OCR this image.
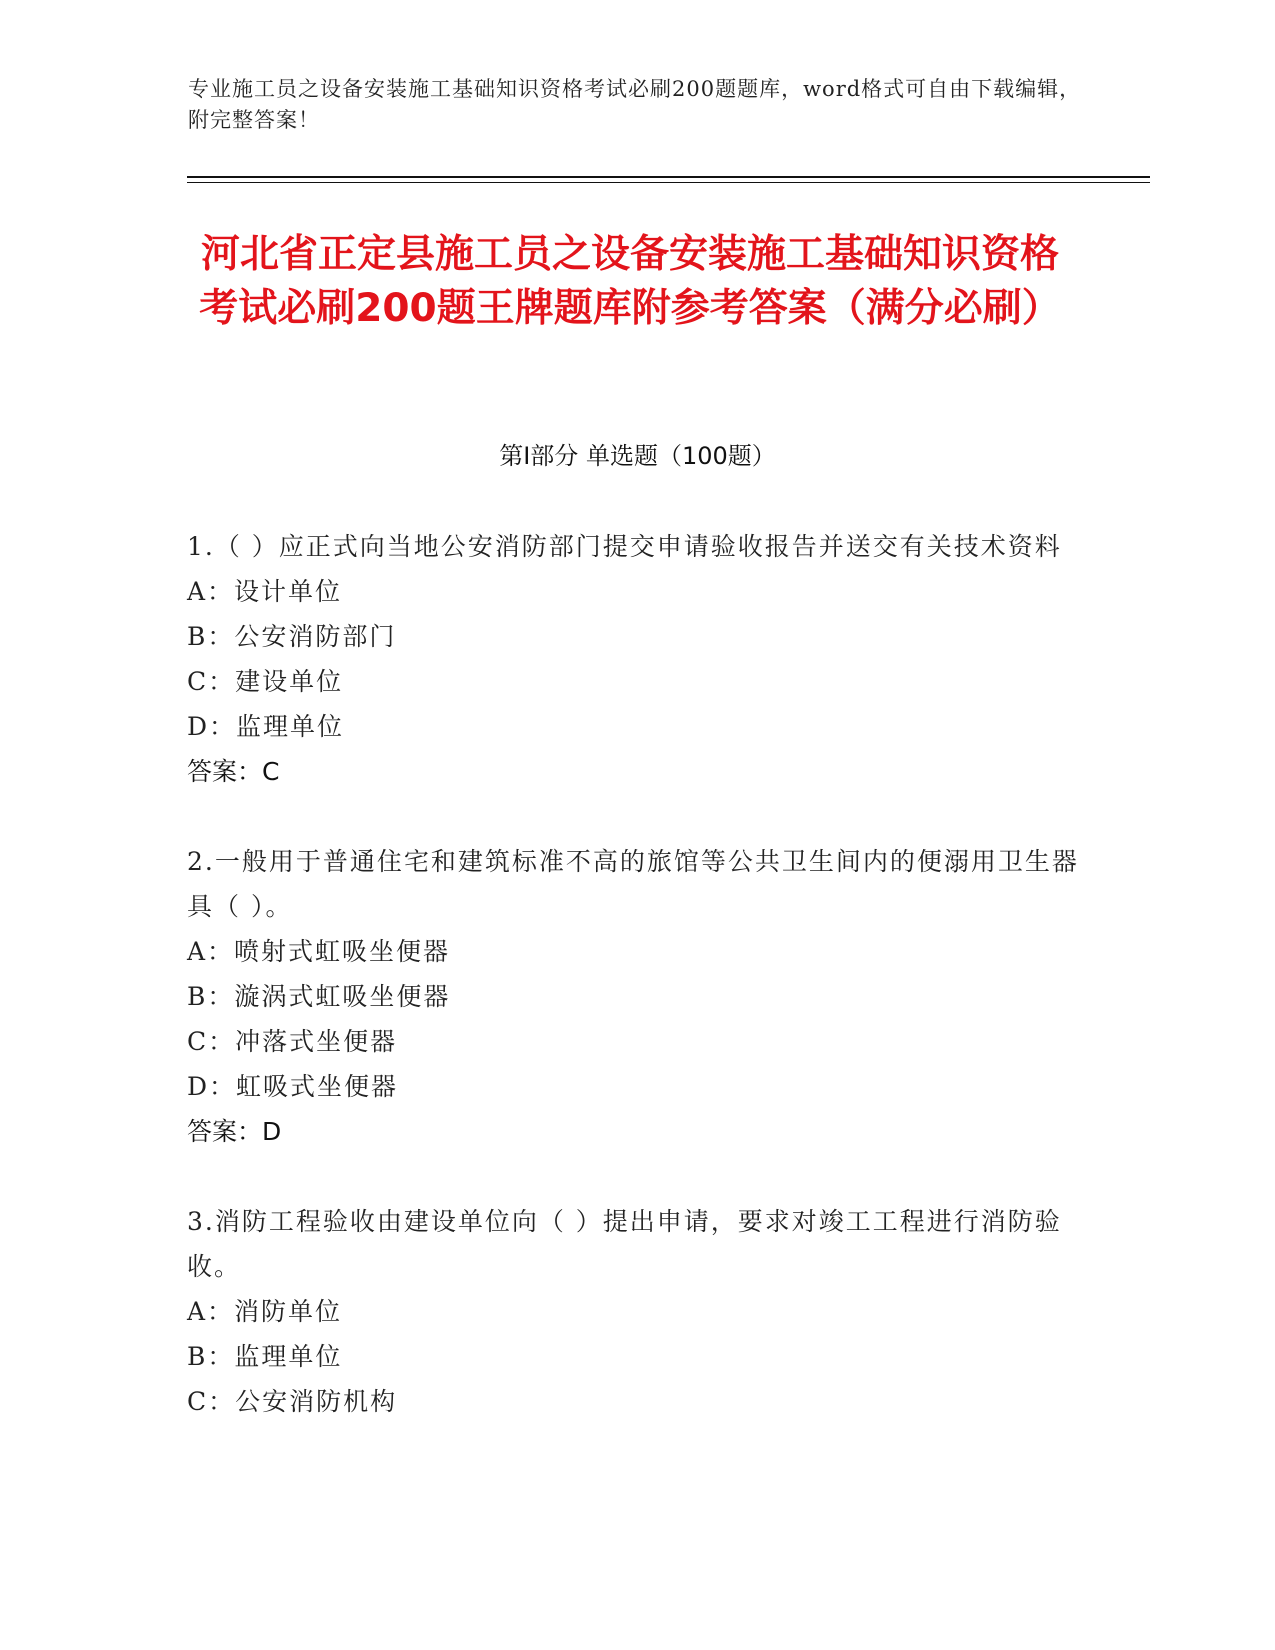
专业施工员之设备安装施工基础知识资格考试必刷200题题库，word格式可自由下载编辑，附完整答案！
河北省正定县施工员之设备安装施工基础知识资格考试必刷200题王牌题库附参考答案（满分必刷）
第Ⅰ部分 单选题（100题）
1.（ ）应正式向当地公安消防部门提交申请验收报告并送交有关技术资料
A：设计单位
B：公安消防部门
C：建设单位
D：监理单位
答案：C
2.一般用于普通住宅和建筑标准不高的旅馆等公共卫生间内的便溺用卫生器具（ ）。
A：喷射式虹吸坐便器
B：漩涡式虹吸坐便器
C：冲落式坐便器
D：虹吸式坐便器
答案：D
3.消防工程验收由建设单位向（ ）提出申请，要求对竣工工程进行消防验收。
A：消防单位
B：监理单位
C：公安消防机构
